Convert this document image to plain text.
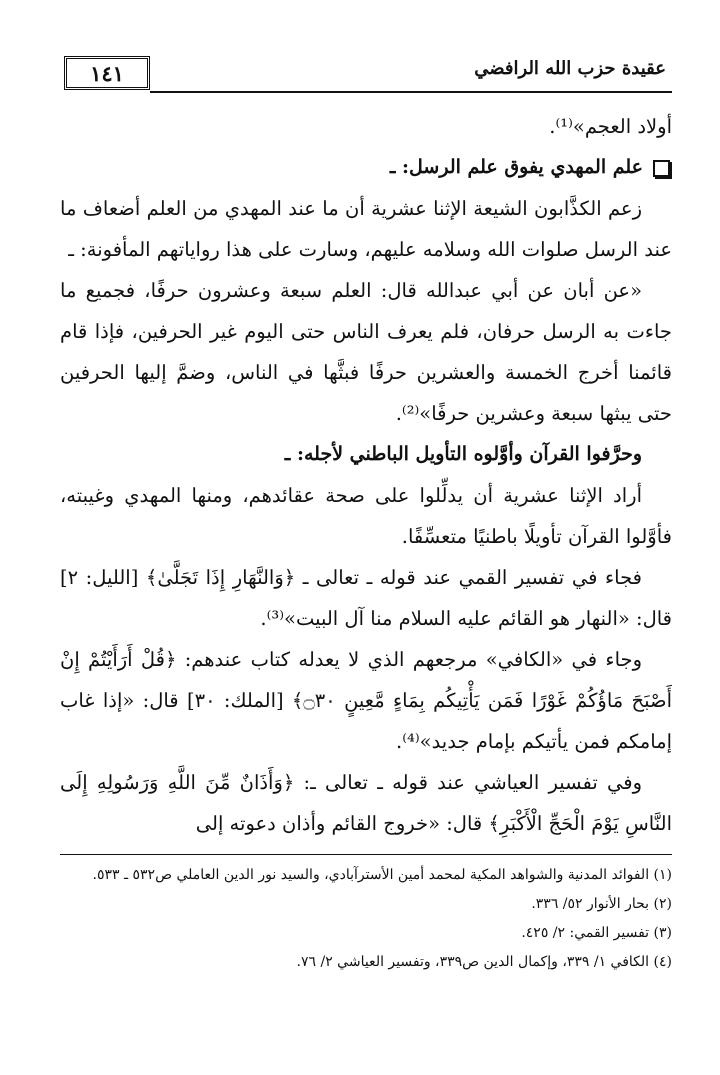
١٤١	عقيدة حزب الله الرافضي

أولاد العجم»⁽¹⁾.

علم المهدي يفوق علم الرسل: ـ

زعم الكذَّابون الشيعة الإثنا عشرية أن ما عند المهدي من العلم أضعاف ما عند الرسل صلوات الله وسلامه عليهم، وسارت على هذا رواياتهم المأفونة: ـ

«عن أبان عن أبي عبدالله قال: العلم سبعة وعشرون حرفًا، فجميع ما جاءت به الرسل حرفان، فلم يعرف الناس حتى اليوم غير الحرفين، فإذا قام قائمنا أخرج الخمسة والعشرين حرفًا فبثَّها في الناس، وضمَّ إليها الحرفين حتى يبثها سبعة وعشرين حرفًا»⁽²⁾.

وحرَّفوا القرآن وأوَّلوه التأويل الباطني لأجله: ـ

أراد الإثنا عشرية أن يدلِّلوا على صحة عقائدهم، ومنها المهدي وغيبته، فأوَّلوا القرآن تأويلًا باطنيًا متعسِّفًا.

فجاء في تفسير القمي عند قوله ـ تعالى ـ ﴿وَالنَّهَارِ إِذَا تَجَلَّىٰ﴾ [الليل: ٢] قال: «النهار هو القائم عليه السلام منا آل البيت»⁽³⁾.

وجاء في «الكافي» مرجعهم الذي لا يعدله كتاب عندهم: ﴿قُلْ أَرَأَيْتُمْ إِنْ أَصْبَحَ مَاؤُكُمْ غَوْرًا فَمَن يَأْتِيكُم بِمَاءٍ مَّعِينٍ ۝٣٠﴾ [الملك: ٣٠] قال: «إذا غاب إمامكم فمن يأتيكم بإمام جديد»⁽⁴⁾.

وفي تفسير العياشي عند قوله ـ تعالى ـ: ﴿وَأَذَانٌ مِّنَ اللَّهِ وَرَسُولِهِ إِلَى النَّاسِ يَوْمَ الْحَجِّ الْأَكْبَرِ﴾ قال: «خروج القائم وأذان دعوته إلى

(١) الفوائد المدنية والشواهد المكية لمحمد أمين الأسترآبادي، والسيد نور الدين العاملي ص٥٣٢ ـ ٥٣٣.

(٢) بحار الأنوار ٥٢/ ٣٣٦.

(٣) تفسير القمي: ٢/ ٤٢٥.

(٤) الكافي ١/ ٣٣٩، وإكمال الدين ص٣٣٩، وتفسير العياشي ٢/ ٧٦.
